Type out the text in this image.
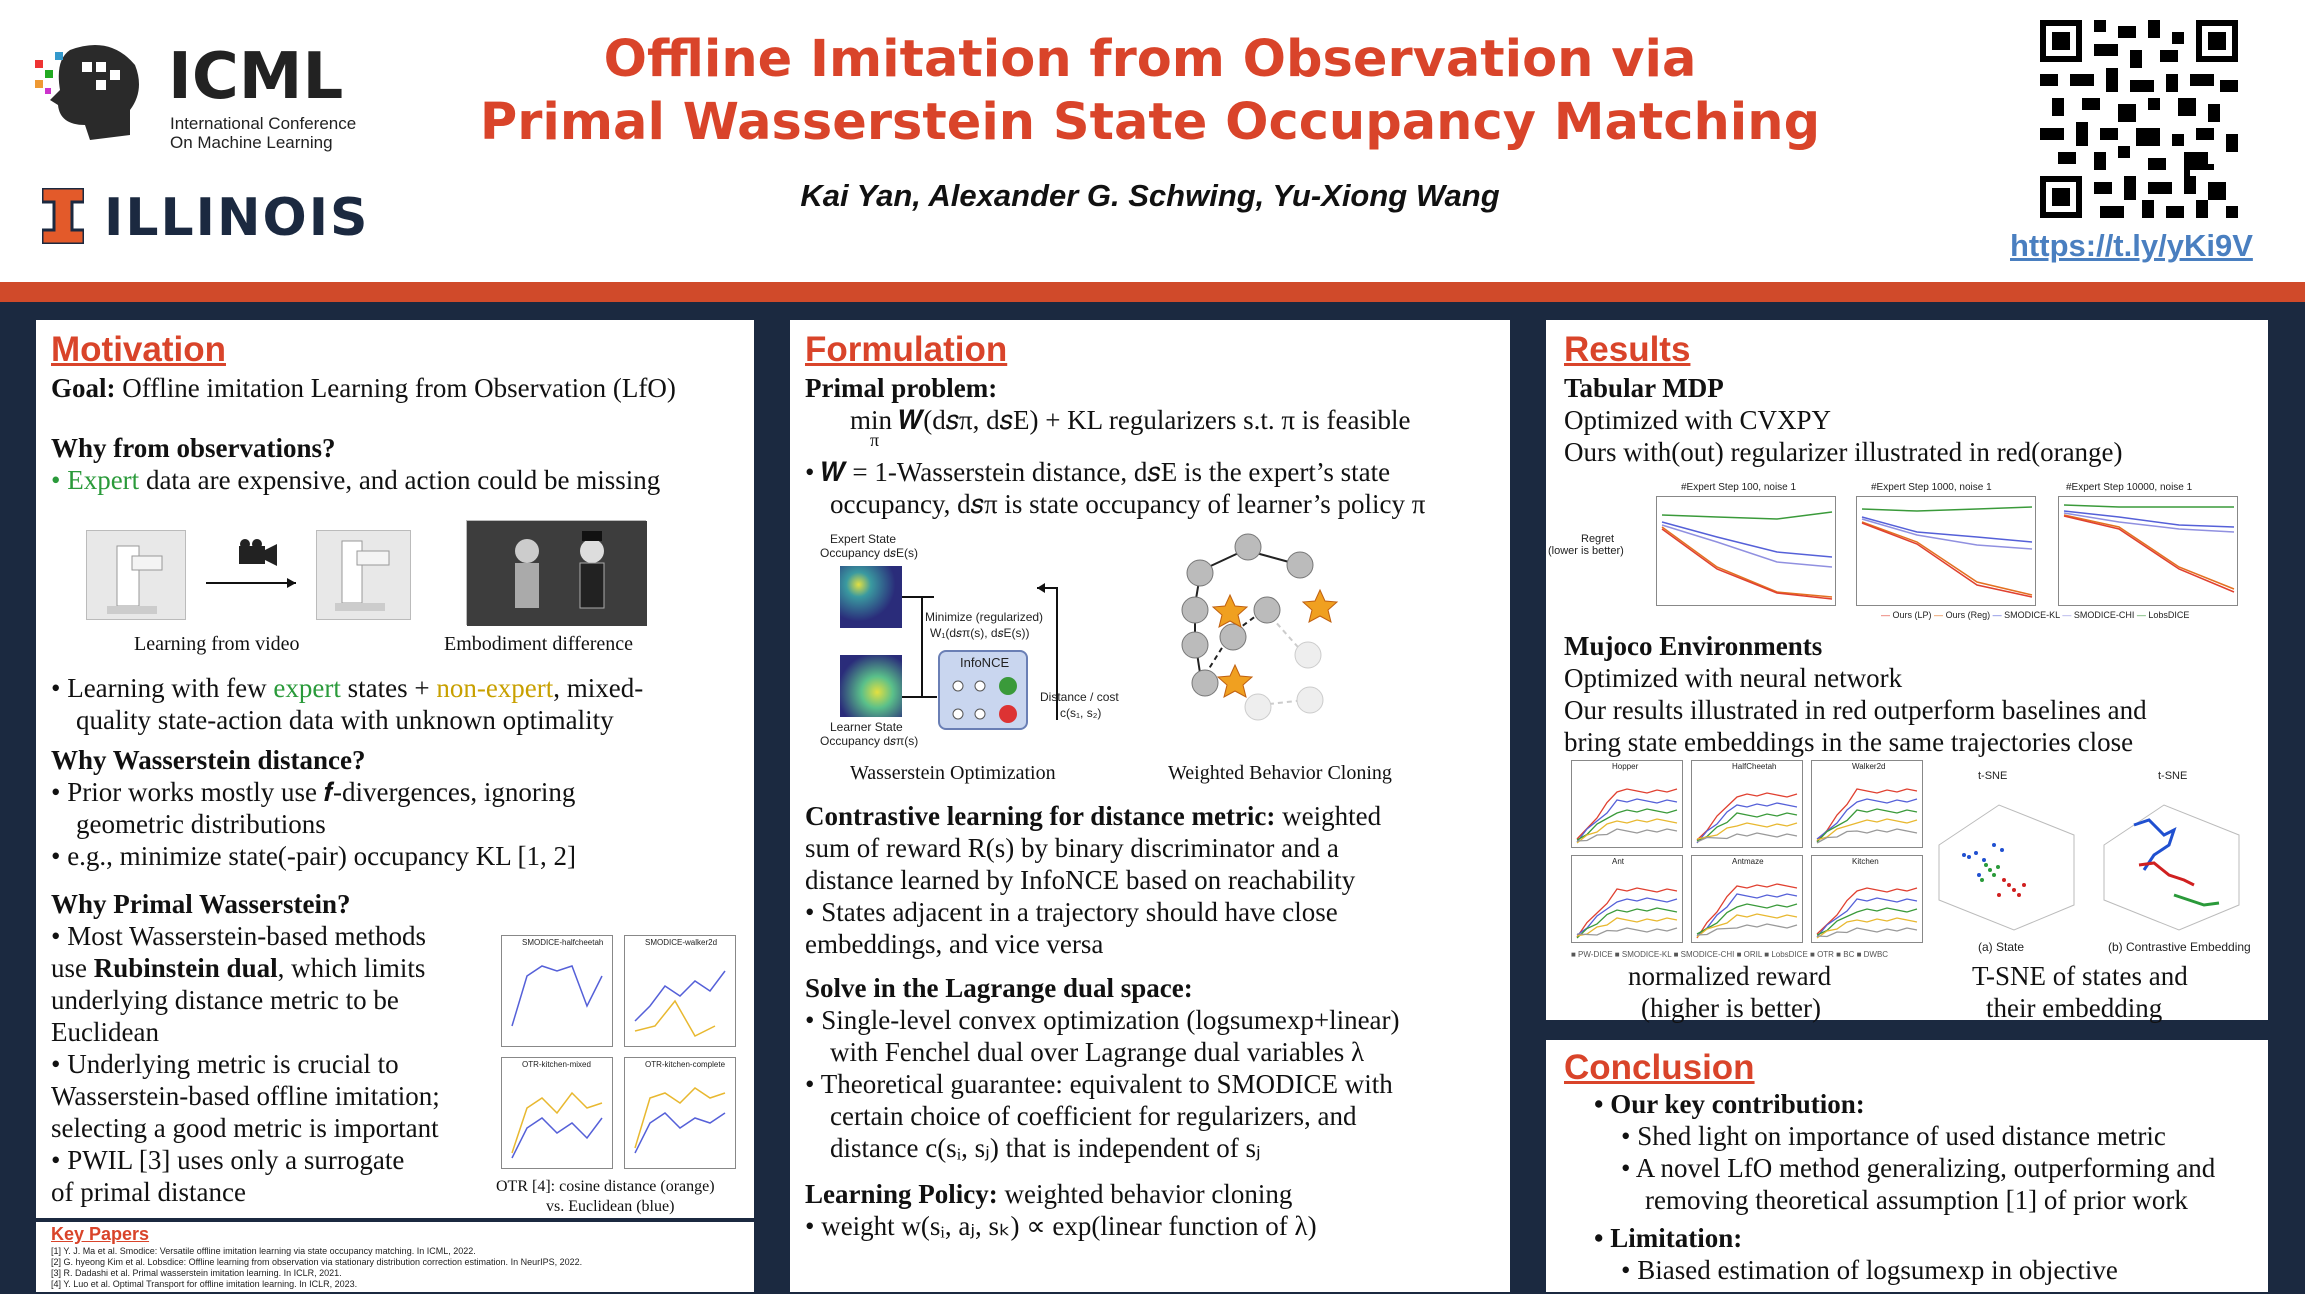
ICML
International Conference
On Machine Learning
ILLINOIS
Offline Imitation from Observation via
Primal Wasserstein State Occupancy Matching
Kai Yan, Alexander G. Schwing, Yu-Xiong Wang
https://t.ly/yKi9V
Motivation
Goal: Offline imitation Learning from Observation (LfO)
Why from observations?
• Expert data are expensive, and action could be missing
Learning from video	Embodiment difference
• Learning with few expert states + non-expert, mixed-
quality state-action data with unknown optimality
Why Wasserstein distance?
• Prior works mostly use 𝒇-divergences, ignoring
geometric distributions
• e.g., minimize state(-pair) occupancy KL [1, 2]
Why Primal Wasserstein?
• Most Wasserstein-based methods
use Rubinstein dual, which limits
underlying distance metric to be
Euclidean
• Underlying metric is crucial to
Wasserstein-based offline imitation;
selecting a good metric is important
• PWIL [3] uses only a surrogate
of primal distance
SMODICE-halfcheetah	SMODICE-walker2d
OTR-kitchen-mixed	OTR-kitchen-complete
OTR [4]: cosine distance (orange)
vs. Euclidean (blue)
Key Papers
[1] Y. J. Ma et al. Smodice: Versatile offline imitation learning via state occupancy matching. In ICML, 2022.
[2] G. hyeong Kim et al. Lobsdice: Offline learning from observation via stationary distribution correction estimation. In NeurIPS, 2022.
[3] R. Dadashi et al. Primal wasserstein imitation learning. In ICLR, 2021.
[4] Y. Luo et al. Optimal Transport for offline imitation learning. In ICLR, 2023.
Formulation
Primal problem:
min 𝑾(d𝑠π, d𝑠E) + KL regularizers s.t. π is feasible
π
• 𝑾 = 1-Wasserstein distance, d𝑠E is the expert’s state
occupancy, d𝑠π is state occupancy of learner’s policy π
Expert State
Occupancy d𝑠E(s)
Learner State
Occupancy d𝑠π(s)
Minimize (regularized)
W₁(d𝑠π(s), d𝑠E(s))
InfoNCE
Distance / cost
c(s₁, s₂)
Wasserstein Optimization	Weighted Behavior Cloning
Contrastive learning for distance metric: weighted
sum of reward R(s) by binary discriminator and a
distance learned by InfoNCE based on reachability
• States adjacent in a trajectory should have close
embeddings, and vice versa
Solve in the Lagrange dual space:
• Single-level convex optimization (logsumexp+linear)
with Fenchel dual over Lagrange dual variables λ
• Theoretical guarantee: equivalent to SMODICE with
certain choice of coefficient for regularizers, and
distance c(sᵢ, sⱼ) that is independent of sⱼ
Learning Policy: weighted behavior cloning
• weight w(sᵢ, aⱼ, sₖ) ∝ exp(linear function of λ)
Results
Tabular MDP
Optimized with CVXPY
Ours with(out) regularizer illustrated in red(orange)
Regret
(lower is better)
#Expert Step 100, noise 1	#Expert Step 1000, noise 1	#Expert Step 10000, noise 1
— Ours (LP) — Ours (Reg) — SMODICE-KL — SMODICE-CHI — LobsDICE
Mujoco Environments
Optimized with neural network
Our results illustrated in red outperform baselines and
bring state embeddings in the same trajectories close
Hopper	HalfCheetah	Walker2d
Ant	Antmaze	Kitchen
■ PW-DICE ■ SMODICE-KL ■ SMODICE-CHI ■ ORIL ■ LobsDICE ■ OTR ■ BC ■ DWBC
t-SNE	t-SNE
(a) State	(b) Contrastive Embedding
normalized reward
(higher is better)
T-SNE of states and
their embedding
Conclusion
• Our key contribution:
• Shed light on importance of used distance metric
• A novel LfO method generalizing, outperforming and
removing theoretical assumption [1] of prior work
• Limitation:
• Biased estimation of logsumexp in objective
